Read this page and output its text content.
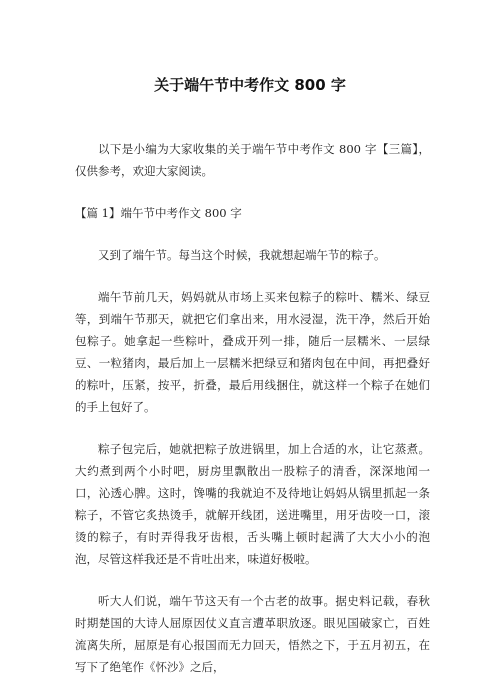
关于端午节中考作文 800 字

以下是小编为大家收集的关于端午节中考作文 800 字【三篇】，仅供参考，欢迎大家阅读。

【篇 1】端午节中考作文 800 字

又到了端午节。每当这个时候，我就想起端午节的粽子。

端午节前几天，妈妈就从市场上买来包粽子的粽叶、糯米、绿豆等，到端午节那天，就把它们拿出来，用水浸湿，洗干净，然后开始包粽子。她拿起一些粽叶，叠成开列一排，随后一层糯米、一层绿豆、一粒猪肉，最后加上一层糯米把绿豆和猪肉包在中间，再把叠好的粽叶，压紧，按平，折叠，最后用线捆住，就这样一个粽子在她们的手上包好了。

粽子包完后，她就把粽子放进锅里，加上合适的水，让它蒸煮。大约煮到两个小时吧，厨房里飘散出一股粽子的清香，深深地闻一口，沁透心脾。这时，馋嘴的我就迫不及待地让妈妈从锅里抓起一条粽子，不管它炙热烫手，就解开线团，送进嘴里，用牙齿咬一口，滚烫的粽子，有时弄得我牙齿根，舌头嘴上顿时起满了大大小小的泡泡，尽管这样我还是不肯吐出来，味道好极啦。

听大人们说，端午节这天有一个古老的故事。据史料记载，春秋时期楚国的大诗人屈原因仗义直言遭革职放逐。眼见国破家亡，百姓流离失所，屈原是有心报国而无力回天，悟然之下，于五月初五，在写下了绝笔作《怀沙》之后，
